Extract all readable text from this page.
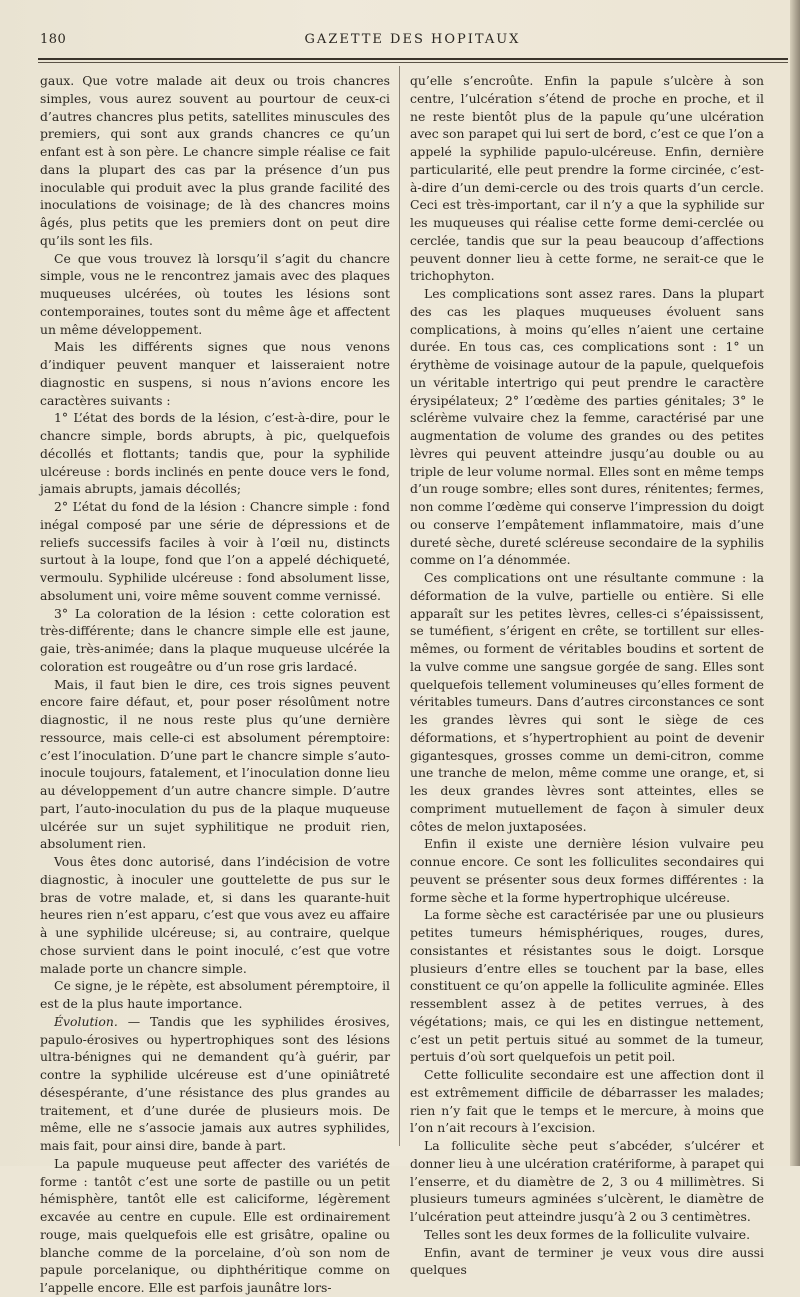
180	GAZETTE DES HOPITAUX

gaux. Que votre malade ait deux ou trois chancres simples, vous aurez souvent au pourtour de ceux-ci d’autres chancres plus petits, satellites minuscules des premiers, qui sont aux grands chancres ce qu’un enfant est à son père. Le chancre simple réalise ce fait dans la plupart des cas par la présence d’un pus inoculable qui produit avec la plus grande facilité des inoculations de voisinage; de là des chancres moins âgés, plus petits que les premiers dont on peut dire qu’ils sont les fils.

Ce que vous trouvez là lorsqu’il s’agit du chancre simple, vous ne le rencontrez jamais avec des plaques muqueuses ulcérées, où toutes les lésions sont contemporaines, toutes sont du même âge et affectent un même développement.

Mais les différents signes que nous venons d’indiquer peuvent manquer et laisseraient notre diagnostic en suspens, si nous n’avions encore les caractères suivants :

1° L’état des bords de la lésion, c’est-à-dire, pour le chancre simple, bords abrupts, à pic, quelquefois décollés et flottants; tandis que, pour la syphilide ulcéreuse : bords inclinés en pente douce vers le fond, jamais abrupts, jamais décollés;

2° L’état du fond de la lésion : Chancre simple : fond inégal composé par une série de dépressions et de reliefs successifs faciles à voir à l’œil nu, distincts surtout à la loupe, fond que l’on a appelé déchiqueté, vermoulu. Syphilide ulcéreuse : fond absolument lisse, absolument uni, voire même souvent comme vernissé.

3° La coloration de la lésion : cette coloration est très-différente; dans le chancre simple elle est jaune, gaie, très-animée; dans la plaque muqueuse ulcérée la coloration est rougeâtre ou d’un rose gris lardacé.

Mais, il faut bien le dire, ces trois signes peuvent encore faire défaut, et, pour poser résolûment notre diagnostic, il ne nous reste plus qu’une dernière ressource, mais celle-ci est absolument péremptoire: c’est l’inoculation. D’une part le chancre simple s’auto-inocule toujours, fatalement, et l’inoculation donne lieu au développement d’un autre chancre simple. D’autre part, l’auto-inoculation du pus de la plaque muqueuse ulcérée sur un sujet syphilitique ne produit rien, absolument rien.

Vous êtes donc autorisé, dans l’indécision de votre diagnostic, à inoculer une gouttelette de pus sur le bras de votre malade, et, si dans les quarante-huit heures rien n’est apparu, c’est que vous avez eu affaire à une syphilide ulcéreuse; si, au contraire, quelque chose survient dans le point inoculé, c’est que votre malade porte un chancre simple.

Ce signe, je le répète, est absolument péremptoire, il est de la plus haute importance.

Évolution. — Tandis que les syphilides érosives, papulo-érosives ou hypertrophiques sont des lésions ultra-bénignes qui ne demandent qu’à guérir, par contre la syphilide ulcéreuse est d’une opiniâtreté désespérante, d’une résistance des plus grandes au traitement, et d’une durée de plusieurs mois. De même, elle ne s’associe jamais aux autres syphilides, mais fait, pour ainsi dire, bande à part.

La papule muqueuse peut affecter des variétés de forme : tantôt c’est une sorte de pastille ou un petit hémisphère, tantôt elle est caliciforme, légèrement excavée au centre en cupule. Elle est ordinairement rouge, mais quelquefois elle est grisâtre, opaline ou blanche comme de la porcelaine, d’où son nom de papule porcelanique, ou diphthéritique comme on l’appelle encore. Elle est parfois jaunâtre lors-

qu’elle s’encroûte. Enfin la papule s’ulcère à son centre, l’ulcération s’étend de proche en proche, et il ne reste bientôt plus de la papule qu’une ulcération avec son parapet qui lui sert de bord, c’est ce que l’on a appelé la syphilide papulo-ulcéreuse. Enfin, dernière particularité, elle peut prendre la forme circinée, c’est-à-dire d’un demi-cercle ou des trois quarts d’un cercle. Ceci est très-important, car il n’y a que la syphilide sur les muqueuses qui réalise cette forme demi-cerclée ou cerclée, tandis que sur la peau beaucoup d’affections peuvent donner lieu à cette forme, ne serait-ce que le trichophyton.

Les complications sont assez rares. Dans la plupart des cas les plaques muqueuses évoluent sans complications, à moins qu’elles n’aient une certaine durée. En tous cas, ces complications sont : 1° un érythème de voisinage autour de la papule, quelquefois un véritable intertrigo qui peut prendre le caractère érysipélateux; 2° l’œdème des parties génitales; 3° le sclérème vulvaire chez la femme, caractérisé par une augmentation de volume des grandes ou des petites lèvres qui peuvent atteindre jusqu’au double ou au triple de leur volume normal. Elles sont en même temps d’un rouge sombre; elles sont dures, rénitentes; fermes, non comme l’œdème qui conserve l’impression du doigt ou conserve l’empâtement inflammatoire, mais d’une dureté sèche, dureté scléreuse secondaire de la syphilis comme on l’a dénommée.

Ces complications ont une résultante commune : la déformation de la vulve, partielle ou entière. Si elle apparaît sur les petites lèvres, celles-ci s’épaississent, se tuméfient, s’érigent en crête, se tortillent sur elles-mêmes, ou forment de véritables boudins et sortent de la vulve comme une sangsue gorgée de sang. Elles sont quelquefois tellement volumineuses qu’elles forment de véritables tumeurs. Dans d’autres circonstances ce sont les grandes lèvres qui sont le siège de ces déformations, et s’hypertrophient au point de devenir gigantesques, grosses comme un demi-citron, comme une tranche de melon, même comme une orange, et, si les deux grandes lèvres sont atteintes, elles se compriment mutuellement de façon à simuler deux côtes de melon juxtaposées.

Enfin il existe une dernière lésion vulvaire peu connue encore. Ce sont les folliculites secondaires qui peuvent se présenter sous deux formes différentes : la forme sèche et la forme hypertrophique ulcéreuse.

La forme sèche est caractérisée par une ou plusieurs petites tumeurs hémisphériques, rouges, dures, consistantes et résistantes sous le doigt. Lorsque plusieurs d’entre elles se touchent par la base, elles constituent ce qu’on appelle la folliculite agminée. Elles ressemblent assez à de petites verrues, à des végétations; mais, ce qui les en distingue nettement, c’est un petit pertuis situé au sommet de la tumeur, pertuis d’où sort quelquefois un petit poil.

Cette folliculite secondaire est une affection dont il est extrêmement difficile de débarrasser les malades; rien n’y fait que le temps et le mercure, à moins que l’on n’ait recours à l’excision.

La folliculite sèche peut s’abcéder, s’ulcérer et donner lieu à une ulcération cratériforme, à parapet qui l’enserre, et du diamètre de 2, 3 ou 4 millimètres. Si plusieurs tumeurs agminées s’ulcèrent, le diamètre de l’ulcération peut atteindre jusqu’à 2 ou 3 centimètres.

Telles sont les deux formes de la folliculite vulvaire.

Enfin, avant de terminer je veux vous dire aussi quelques
